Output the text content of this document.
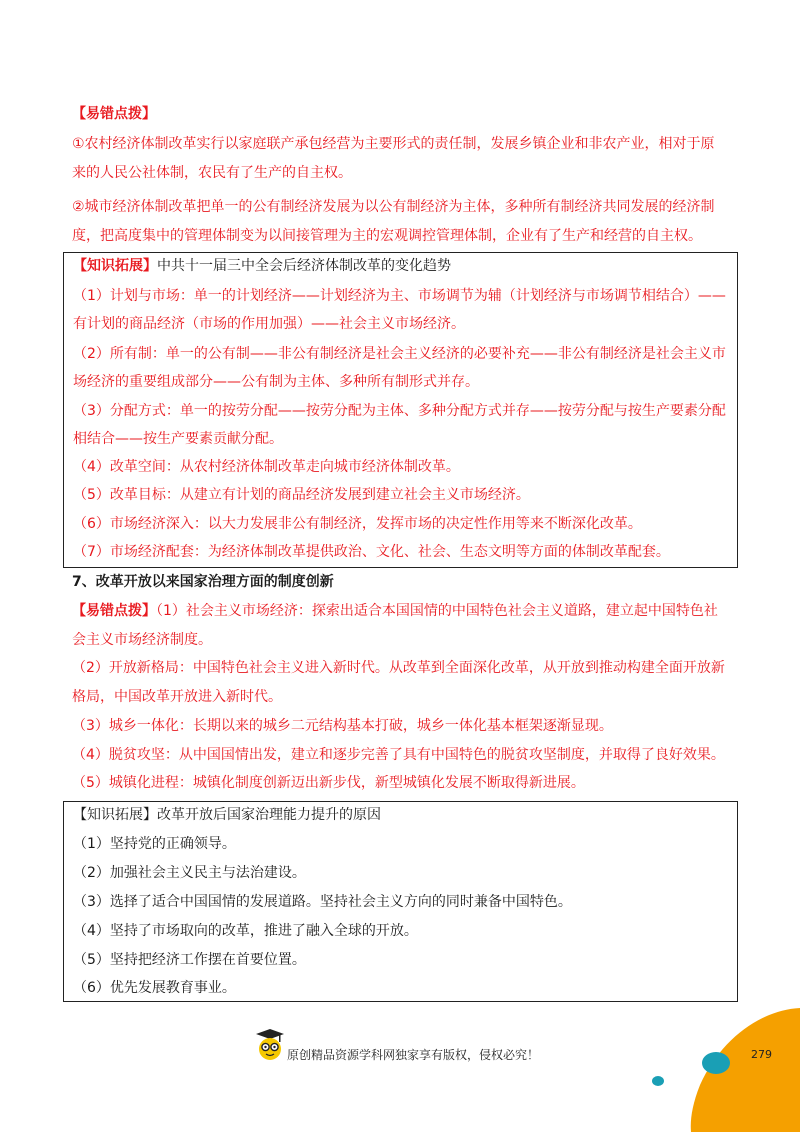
【易错点拨】
①农村经济体制改革实行以家庭联产承包经营为主要形式的责任制，发展乡镇企业和非农产业，相对于原
来的人民公社体制，农民有了生产的自主权。
②城市经济体制改革把单一的公有制经济发展为以公有制经济为主体，多种所有制经济共同发展的经济制
度，把高度集中的管理体制变为以间接管理为主的宏观调控管理体制，企业有了生产和经营的自主权。
【知识拓展】中共十一届三中全会后经济体制改革的变化趋势
（1）计划与市场：单一的计划经济——计划经济为主、市场调节为辅（计划经济与市场调节相结合）——
有计划的商品经济（市场的作用加强）——社会主义市场经济。
（2）所有制：单一的公有制——非公有制经济是社会主义经济的必要补充——非公有制经济是社会主义市
场经济的重要组成部分——公有制为主体、多种所有制形式并存。
（3）分配方式：单一的按劳分配——按劳分配为主体、多种分配方式并存——按劳分配与按生产要素分配
相结合——按生产要素贡献分配。
（4）改革空间：从农村经济体制改革走向城市经济体制改革。
（5）改革目标：从建立有计划的商品经济发展到建立社会主义市场经济。
（6）市场经济深入：以大力发展非公有制经济，发挥市场的决定性作用等来不断深化改革。
（7）市场经济配套：为经济体制改革提供政治、文化、社会、生态文明等方面的体制改革配套。
7、改革开放以来国家治理方面的制度创新
【易错点拨】（1）社会主义市场经济：探索出适合本国国情的中国特色社会主义道路，建立起中国特色社
会主义市场经济制度。
（2）开放新格局：中国特色社会主义进入新时代。从改革到全面深化改革，从开放到推动构建全面开放新
格局，中国改革开放进入新时代。
（3）城乡一体化：长期以来的城乡二元结构基本打破，城乡一体化基本框架逐渐显现。
（4）脱贫攻坚：从中国国情出发，建立和逐步完善了具有中国特色的脱贫攻坚制度，并取得了良好效果。
（5）城镇化进程：城镇化制度创新迈出新步伐，新型城镇化发展不断取得新进展。
【知识拓展】改革开放后国家治理能力提升的原因
（1）坚持党的正确领导。
（2）加强社会主义民主与法治建设。
（3）选择了适合中国国情的发展道路。坚持社会主义方向的同时兼备中国特色。
（4）坚持了市场取向的改革，推进了融入全球的开放。
（5）坚持把经济工作摆在首要位置。
（6）优先发展教育事业。
原创精品资源学科网独家享有版权，侵权必究！	279
